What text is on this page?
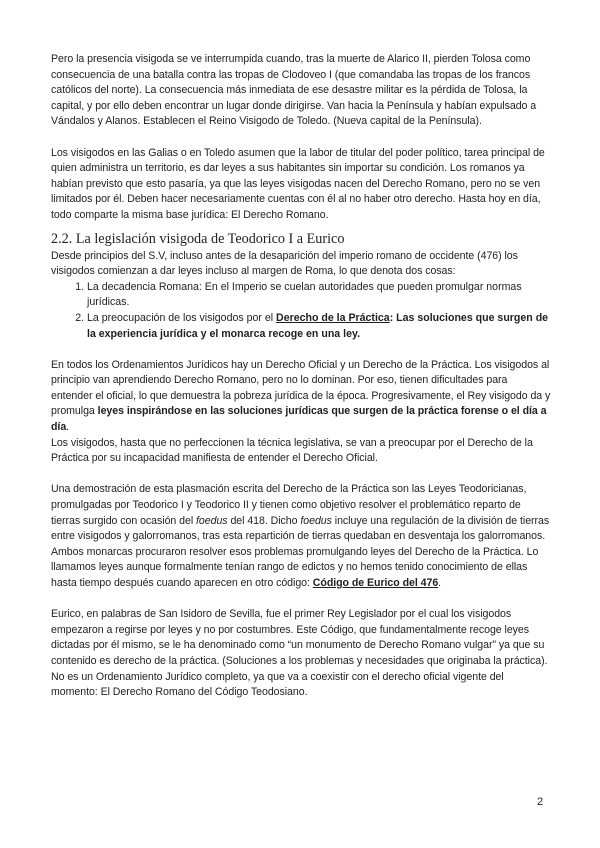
Pero la presencia visigoda se ve interrumpida cuando, tras la muerte de Alarico II, pierden Tolosa como consecuencia de una batalla contra las tropas de Clodoveo I (que comandaba las tropas de los francos católicos del norte). La consecuencia más inmediata de ese desastre militar es la pérdida de Tolosa, la capital, y por ello deben encontrar un lugar donde dirigirse. Van hacia la Península y habían expulsado a Vándalos y Alanos. Establecen el Reino Visigodo de Toledo. (Nueva capital de la Península).

Los visigodos en las Galias o en Toledo asumen que la labor de titular del poder político, tarea principal de quien administra un territorio, es dar leyes a sus habitantes sin importar su condición. Los romanos ya habían previsto que esto pasaría, ya que las leyes visigodas nacen del Derecho Romano, pero no se ven limitados por él. Deben hacer necesariamente cuentas con él al no haber otro derecho. Hasta hoy en día, todo comparte la misma base jurídica: El Derecho Romano.

2.2. La legislación visigoda de Teodorico I a Eurico

Desde principios del S.V, incluso antes de la desaparición del imperio romano de occidente (476) los visigodos comienzan a dar leyes incluso al margen de Roma, lo que denota dos cosas:

1. La decadencia Romana: En el Imperio se cuelan autoridades que pueden promulgar normas jurídicas.
2. La preocupación de los visigodos por el Derecho de la Práctica: Las soluciones que surgen de la experiencia jurídica y el monarca recoge en una ley.

En todos los Ordenamientos Jurídicos hay un Derecho Oficial y un Derecho de la Práctica. Los visigodos al principio van aprendiendo Derecho Romano, pero no lo dominan. Por eso, tienen dificultades para entender el oficial, lo que demuestra la pobreza jurídica de la época. Progresivamente, el Rey visigodo da y promulga leyes inspirándose en las soluciones jurídicas que surgen de la práctica forense o el día a día.

Los visigodos, hasta que no perfeccionen la técnica legislativa, se van a preocupar por el Derecho de la Práctica por su incapacidad manifiesta de entender el Derecho Oficial.

Una demostración de esta plasmación escrita del Derecho de la Práctica son las Leyes Teodoricianas, promulgadas por Teodorico I y Teodorico II y tienen como objetivo resolver el problemático reparto de tierras surgido con ocasión del foedus del 418. Dicho foedus incluye una regulación de la división de tierras entre visigodos y galorromanos, tras esta repartición de tierras quedaban en desventaja los galorromanos.

Ambos monarcas procuraron resolver esos problemas promulgando leyes del Derecho de la Práctica. Lo llamamos leyes aunque formalmente tenían rango de edictos y no hemos tenido conocimiento de ellas hasta tiempo después cuando aparecen en otro código: Código de Eurico del 476.

Eurico, en palabras de San Isidoro de Sevilla, fue el primer Rey Legislador por el cual los visigodos empezaron a regirse por leyes y no por costumbres. Este Código, que fundamentalmente recoge leyes dictadas por él mismo, se le ha denominado como “un monumento de Derecho Romano vulgar” ya que su contenido es derecho de la práctica. (Soluciones a los problemas y necesidades que originaba la práctica). No es un Ordenamiento Jurídico completo, ya que va a coexistir con el derecho oficial vigente del momento: El Derecho Romano del Código Teodosiano.

2
